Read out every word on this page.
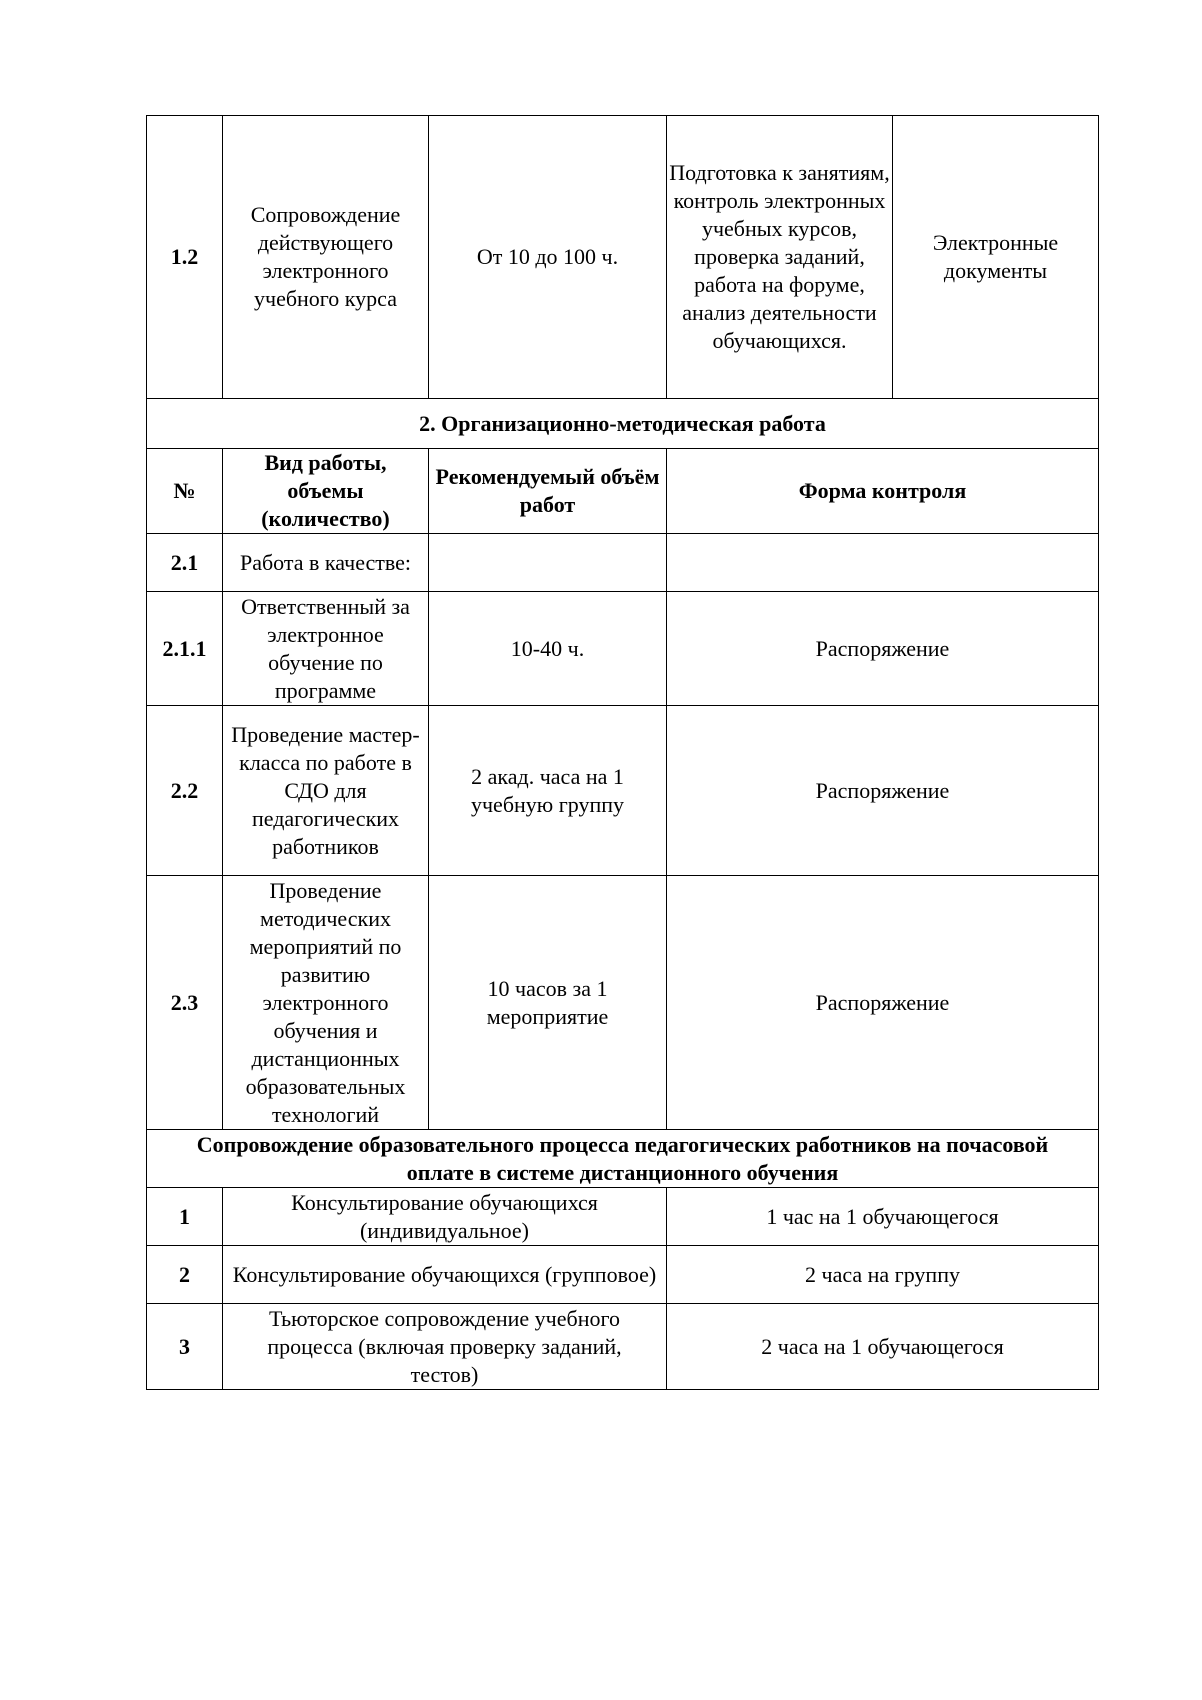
1.2	Сопровождение действующего электронного учебного курса	От 10 до 100 ч.	Подготовка к занятиям, контроль электронных учебных курсов, проверка заданий, работа на форуме, анализ деятельности обучающихся.	Электронные документы
2. Организационно-методическая работа				
№	Вид работы, объемы (количество)	Рекомендуемый объём работ	Форма контроля	
2.1	Работа в качестве:			
2.1.1	Ответственный за электронное обучение по программе	10-40 ч.	Распоряжение	
2.2	Проведение мастер-класса по работе в СДО для педагогических работников	2 акад. часа на 1 учебную группу	Распоряжение	
2.3	Проведение методических мероприятий по развитию электронного обучения и дистанционных образовательных технологий	10 часов за 1 мероприятие	Распоряжение	
Сопровождение образовательного процесса педагогических работников на почасовой оплате в системе дистанционного обучения				
1	Консультирование обучающихся (индивидуальное)		1 час на 1 обучающегося	
2	Консультирование обучающихся (групповое)		2 часа на группу	
3	Тьюторское сопровождение учебного процесса (включая проверку заданий, тестов)		2 часа на 1 обучающегося	
